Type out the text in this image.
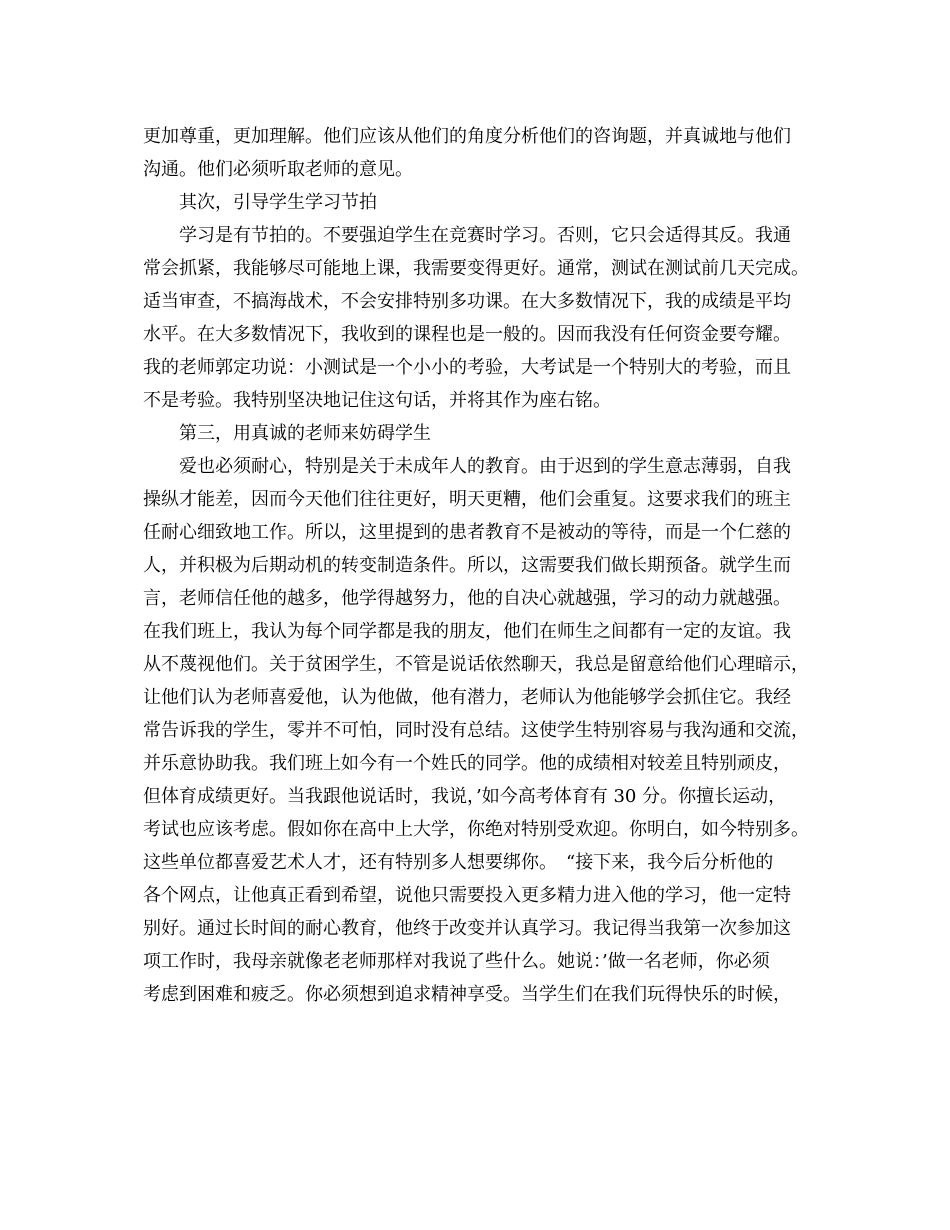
更加尊重，更加理解。他们应该从他们的角度分析他们的咨询题，并真诚地与他们
沟通。他们必须听取老师的意见。
其次，引导学生学习节拍
学习是有节拍的。不要强迫学生在竞赛时学习。否则，它只会适得其反。我通
常会抓紧，我能够尽可能地上课，我需要变得更好。通常，测试在测试前几天完成。
适当审查，不搞海战术，不会安排特别多功课。在大多数情况下，我的成绩是平均
水平。在大多数情况下，我收到的课程也是一般的。因而我没有任何资金要夸耀。
我的老师郭定功说：小测试是一个小小的考验，大考试是一个特别大的考验，而且
不是考验。我特别坚决地记住这句话，并将其作为座右铭。
第三，用真诚的老师来妨碍学生
爱也必须耐心，特别是关于未成年人的教育。由于迟到的学生意志薄弱，自我
操纵才能差，因而今天他们往往更好，明天更糟，他们会重复。这要求我们的班主
任耐心细致地工作。所以，这里提到的患者教育不是被动的等待，而是一个仁慈的
人，并积极为后期动机的转变制造条件。所以，这需要我们做长期预备。就学生而
言，老师信任他的越多，他学得越努力，他的自决心就越强，学习的动力就越强。
在我们班上，我认为每个同学都是我的朋友，他们在师生之间都有一定的友谊。我
从不蔑视他们。关于贫困学生，不管是说话依然聊天，我总是留意给他们心理暗示，
让他们认为老师喜爱他，认为他做，他有潜力，老师认为他能够学会抓住它。我经
常告诉我的学生，零并不可怕，同时没有总结。这使学生特别容易与我沟通和交流，
并乐意协助我。我们班上如今有一个姓氏的同学。他的成绩相对较差且特别顽皮，
但体育成绩更好。当我跟他说话时，我说，’如今高考体育有 30 分。你擅长运动，
考试也应该考虑。假如你在高中上大学，你绝对特别受欢迎。你明白，如今特别多。
这些单位都喜爱艺术人才，还有特别多人想要绑你。　“接下来，我今后分析他的
各个网点，让他真正看到希望，说他只需要投入更多精力进入他的学习，他一定特
别好。通过长时间的耐心教育，他终于改变并认真学习。我记得当我第一次参加这
项工作时，我母亲就像老老师那样对我说了些什么。她说：’做一名老师，你必须
考虑到困难和疲乏。你必须想到追求精神享受。当学生们在我们玩得快乐的时候，
